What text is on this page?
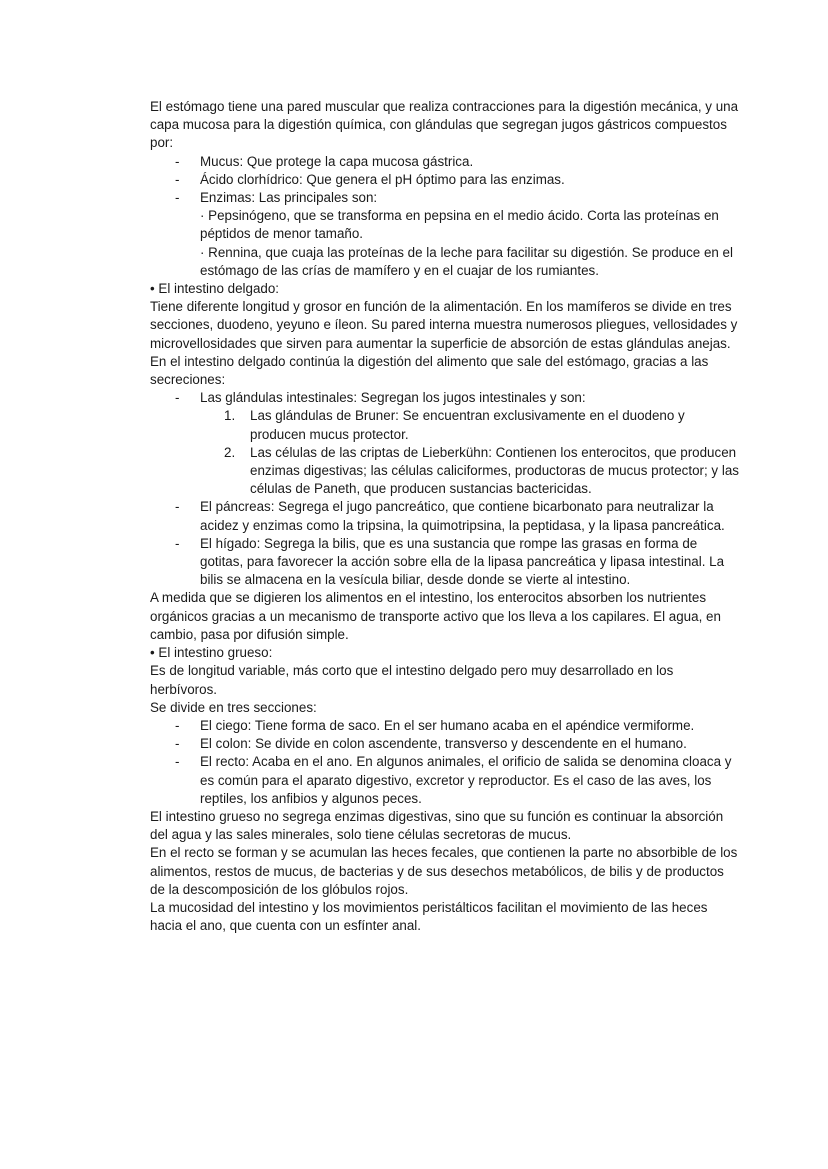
El estómago tiene una pared muscular que realiza contracciones para la digestión mecánica, y una capa mucosa para la digestión química, con glándulas que segregan jugos gástricos compuestos por:

- Mucus: Que protege la capa mucosa gástrica.
- Ácido clorhídrico: Que genera el pH óptimo para las enzimas.
- Enzimas: Las principales son:
· Pepsinógeno, que se transforma en pepsina en el medio ácido. Corta las proteínas en péptidos de menor tamaño.
· Rennina, que cuaja las proteínas de la leche para facilitar su digestión. Se produce en el estómago de las crías de mamífero y en el cuajar de los rumiantes.

• El intestino delgado:

Tiene diferente longitud y grosor en función de la alimentación. En los mamíferos se divide en tres secciones, duodeno, yeyuno e íleon. Su pared interna muestra numerosos pliegues, vellosidades y microvellosidades que sirven para aumentar la superficie de absorción de estas glándulas anejas.

En el intestino delgado continúa la digestión del alimento que sale del estómago, gracias a las secreciones:

- Las glándulas intestinales: Segregan los jugos intestinales y son:
1. Las glándulas de Bruner: Se encuentran exclusivamente en el duodeno y producen mucus protector.
2. Las células de las criptas de Lieberkühn: Contienen los enterocitos, que producen enzimas digestivas; las células caliciformes, productoras de mucus protector; y las células de Paneth, que producen sustancias bactericidas.
- El páncreas: Segrega el jugo pancreático, que contiene bicarbonato para neutralizar la acidez y enzimas como la tripsina, la quimotripsina, la peptidasa, y la lipasa pancreática.
- El hígado: Segrega la bilis, que es una sustancia que rompe las grasas en forma de gotitas, para favorecer la acción sobre ella de la lipasa pancreática y lipasa intestinal. La bilis se almacena en la vesícula biliar, desde donde se vierte al intestino.

A medida que se digieren los alimentos en el intestino, los enterocitos absorben los nutrientes orgánicos gracias a un mecanismo de transporte activo que los lleva a los capilares. El agua, en cambio, pasa por difusión simple.

• El intestino grueso:

Es de longitud variable, más corto que el intestino delgado pero muy desarrollado en los herbívoros.

Se divide en tres secciones:

- El ciego: Tiene forma de saco. En el ser humano acaba en el apéndice vermiforme.
- El colon: Se divide en colon ascendente, transverso y descendente en el humano.
- El recto: Acaba en el ano. En algunos animales, el orificio de salida se denomina cloaca y es común para el aparato digestivo, excretor y reproductor. Es el caso de las aves, los reptiles, los anfibios y algunos peces.

El intestino grueso no segrega enzimas digestivas, sino que su función es continuar la absorción del agua y las sales minerales, solo tiene células secretoras de mucus.

En el recto se forman y se acumulan las heces fecales, que contienen la parte no absorbible de los alimentos, restos de mucus, de bacterias y de sus desechos metabólicos, de bilis y de productos de la descomposición de los glóbulos rojos.

La mucosidad del intestino y los movimientos peristálticos facilitan el movimiento de las heces hacia el ano, que cuenta con un esfínter anal.
